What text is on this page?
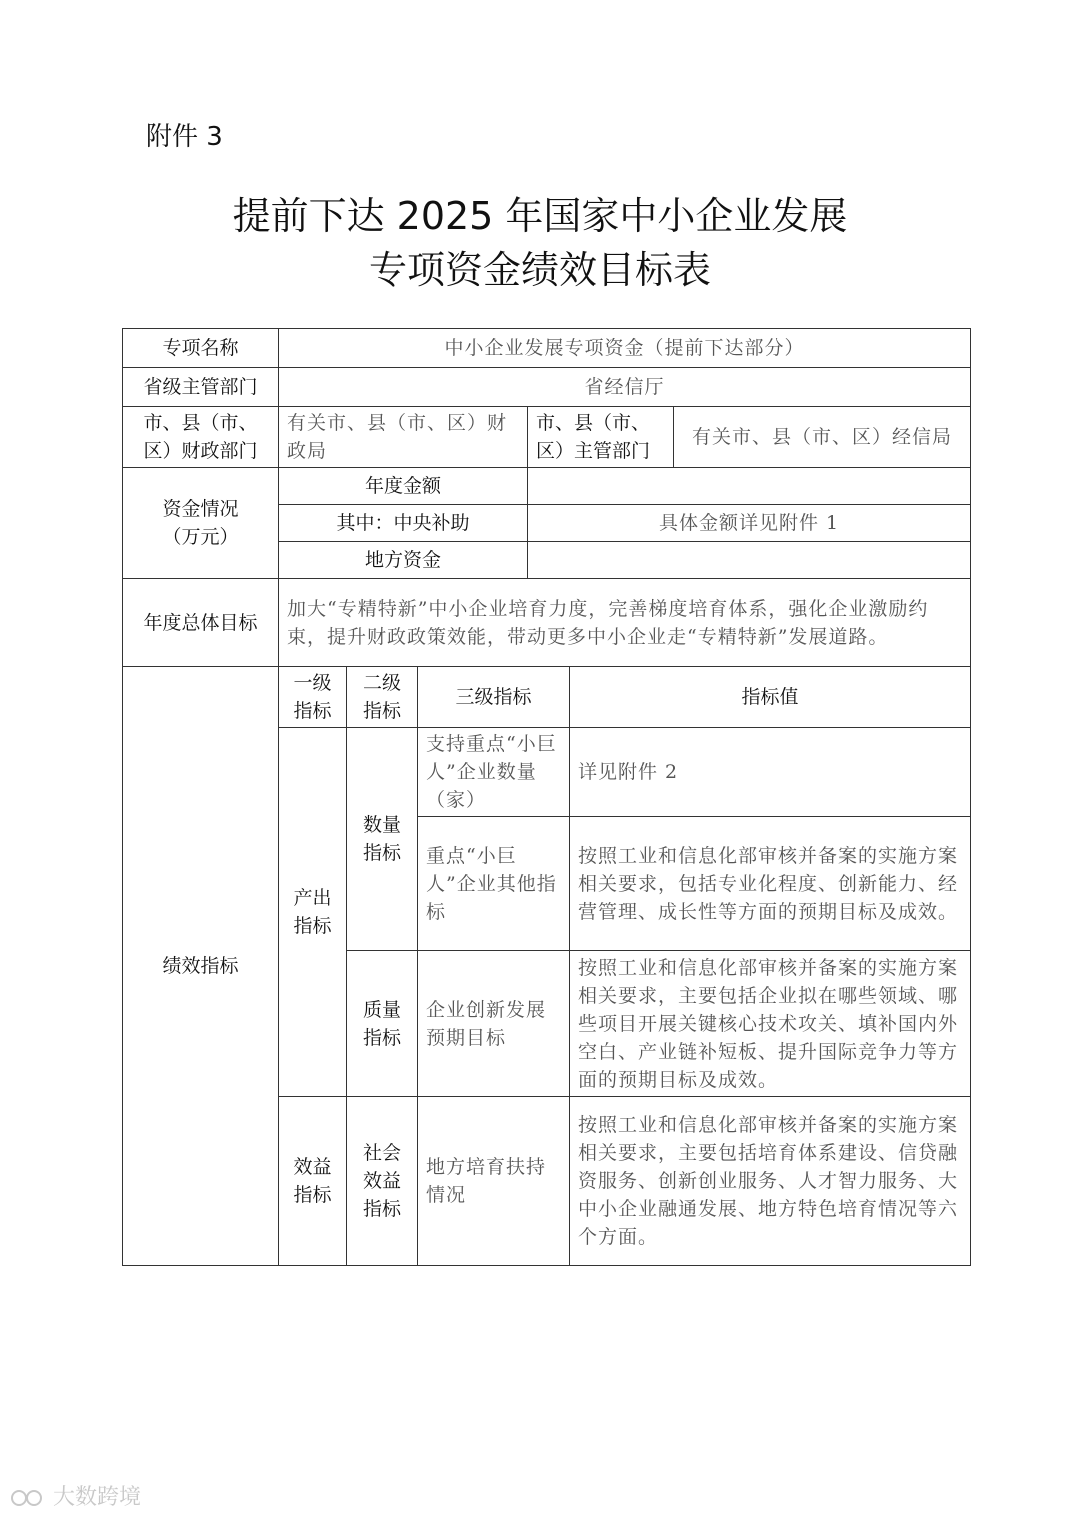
附件 3
提前下达 2025 年国家中小企业发展
专项资金绩效目标表
专项名称	中小企业发展专项资金（提前下达部分）					
省级主管部门	省经信厅					
市、县（市、区）财政部门	有关市、县（市、区）财政局			市、县（市、区）主管部门		有关市、县（市、区）经信局
资金情况（万元）	年度金额					
	其中：中央补助			具体金额详见附件 1		
	地方资金					
年度总体目标	加大“专精特新”中小企业培育力度，完善梯度培育体系，强化企业激励约束，提升财政政策效能，带动更多中小企业走“专精特新”发展道路。					
绩效指标	一级指标	二级指标	三级指标		指标值	
	产出指标	数量指标	支持重点“小巨人”企业数量（家）		详见附件 2	
			重点“小巨人”企业其他指标		按照工业和信息化部审核并备案的实施方案相关要求，包括专业化程度、创新能力、经营管理、成长性等方面的预期目标及成效。	
		质量指标	企业创新发展预期目标		按照工业和信息化部审核并备案的实施方案相关要求，主要包括企业拟在哪些领域、哪些项目开展关键核心技术攻关、填补国内外空白、产业链补短板、提升国际竞争力等方面的预期目标及成效。	
	效益指标	社会效益指标	地方培育扶持情况		按照工业和信息化部审核并备案的实施方案相关要求，主要包括培育体系建设、信贷融资服务、创新创业服务、人才智力服务、大中小企业融通发展、地方特色培育情况等六个方面。	
大数跨境
